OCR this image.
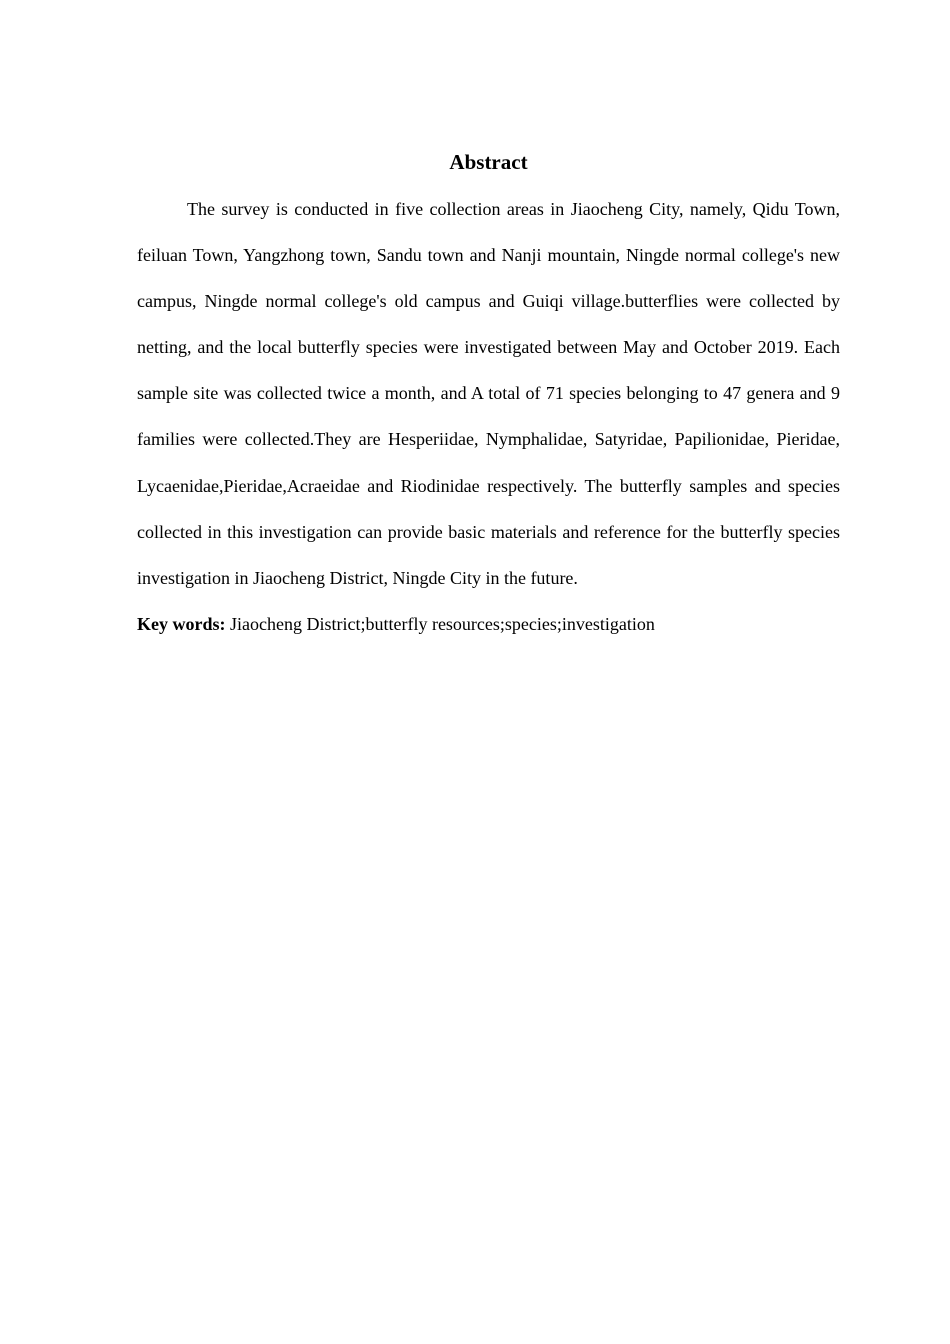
Abstract

The survey is conducted in five collection areas in Jiaocheng City, namely, Qidu Town, feiluan Town, Yangzhong town, Sandu town and Nanji mountain, Ningde normal college's new campus, Ningde normal college's old campus and Guiqi village.butterflies were collected by netting, and the local butterfly species were investigated between May and October 2019. Each sample site was collected twice a month, and A total of 71 species belonging to 47 genera and 9 families were collected.They are Hesperiidae, Nymphalidae, Satyridae, Papilionidae, Pieridae, Lycaenidae,Pieridae,Acraeidae and Riodinidae respectively. The butterfly samples and species collected in this investigation can provide basic materials and reference for the butterfly species investigation in Jiaocheng District, Ningde City in the future.

Key words: Jiaocheng District;butterfly resources;species;investigation
